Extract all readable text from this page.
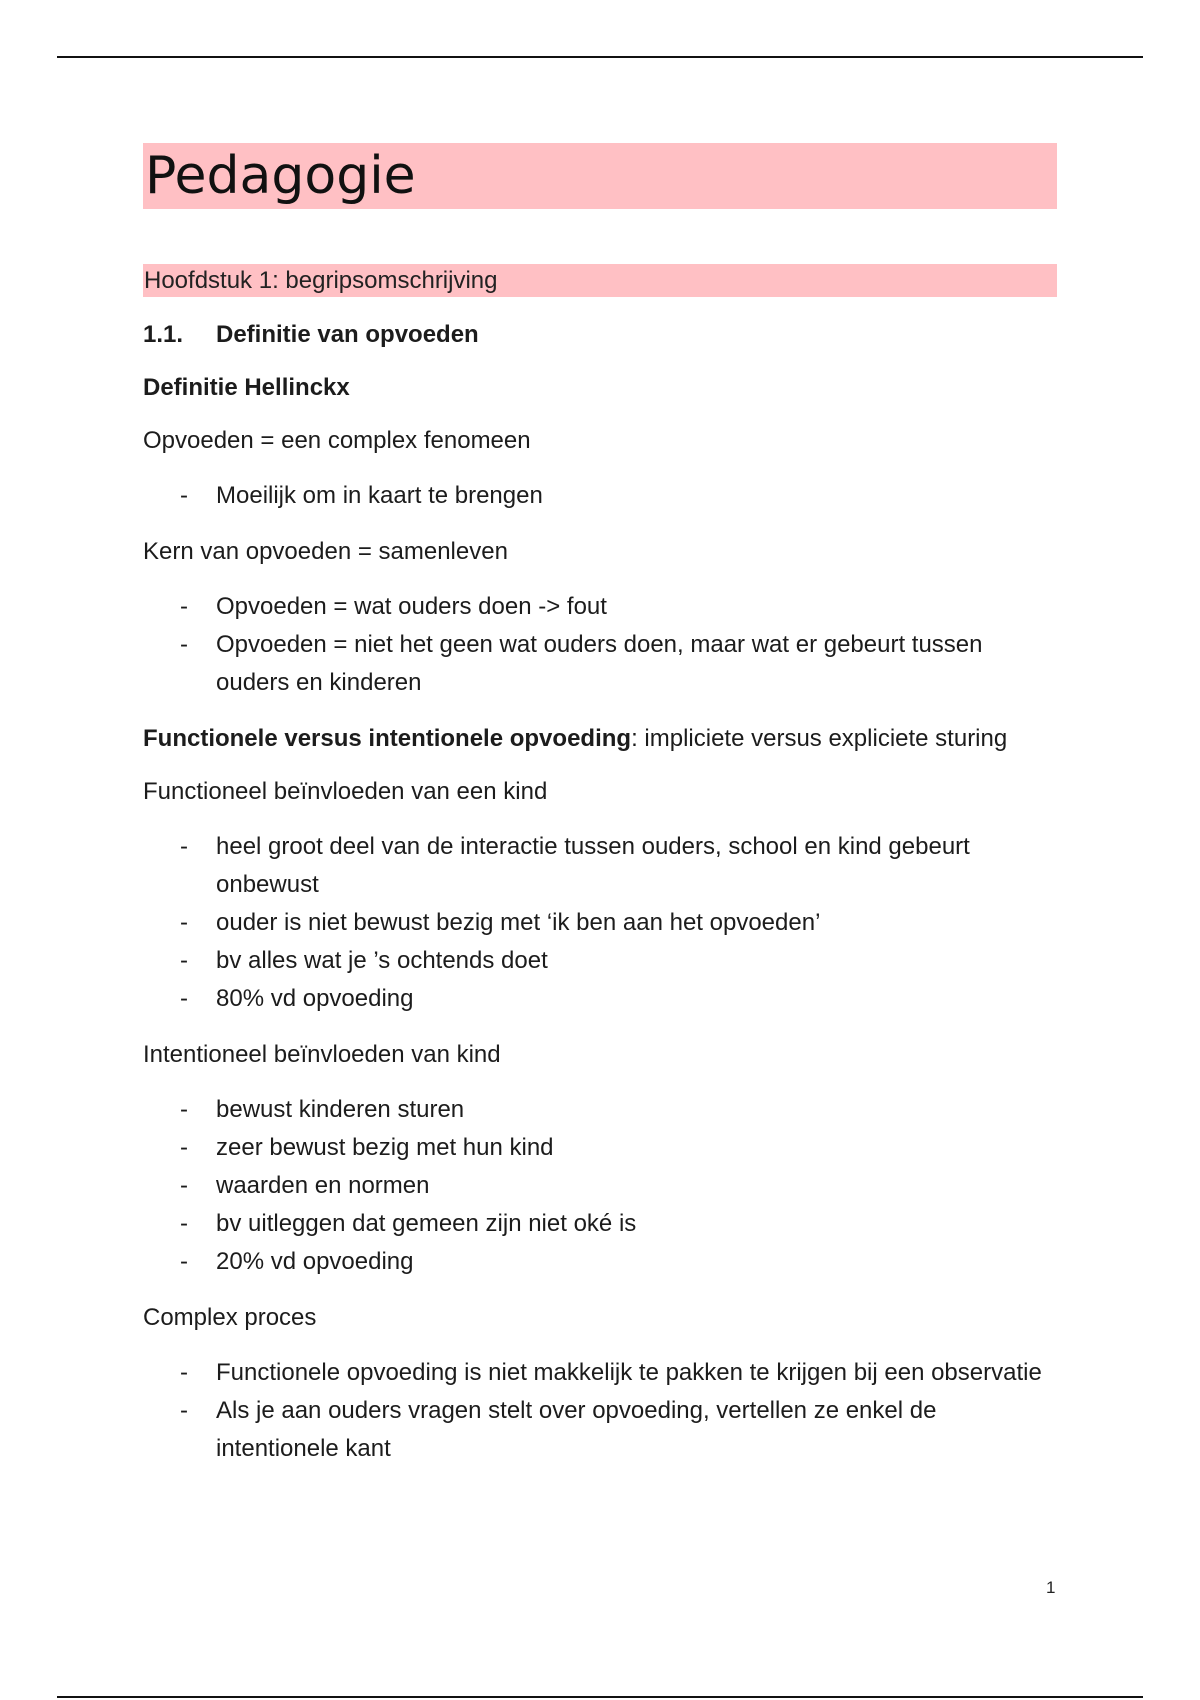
Pedagogie
Hoofdstuk 1: begripsomschrijving
1.1. Definitie van opvoeden
Definitie Hellinckx
Opvoeden = een complex fenomeen
- Moeilijk om in kaart te brengen
Kern van opvoeden = samenleven
- Opvoeden = wat ouders doen -> fout
- Opvoeden = niet het geen wat ouders doen, maar wat er gebeurt tussen ouders en kinderen
Functionele versus intentionele opvoeding: impliciete versus expliciete sturing
Functioneel beïnvloeden van een kind
- heel groot deel van de interactie tussen ouders, school en kind gebeurt onbewust
- ouder is niet bewust bezig met ‘ik ben aan het opvoeden’
- bv alles wat je ’s ochtends doet
- 80% vd opvoeding
Intentioneel beïnvloeden van kind
- bewust kinderen sturen
- zeer bewust bezig met hun kind
- waarden en normen
- bv uitleggen dat gemeen zijn niet oké is
- 20% vd opvoeding
Complex proces
- Functionele opvoeding is niet makkelijk te pakken te krijgen bij een observatie
- Als je aan ouders vragen stelt over opvoeding, vertellen ze enkel de intentionele kant
1
